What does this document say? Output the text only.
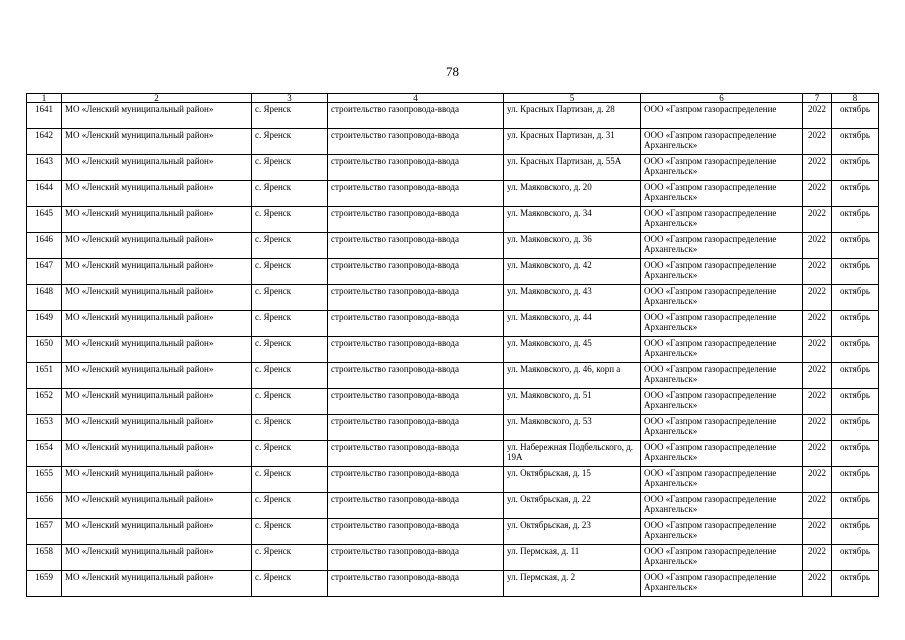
78
1	2	3	4	5	6	7	8
1641	МО «Ленский муниципальный район»	с. Яренск	строительство газопровода-ввода	ул. Красных Партизан, д. 28	ООО «Газпром газораспределение	2022	октябрь
1642	МО «Ленский муниципальный район»	с. Яренск	строительство газопровода-ввода	ул. Красных Партизан, д. 31	ООО «Газпром газораспределение Архангельск»	2022	октябрь
1643	МО «Ленский муниципальный район»	с. Яренск	строительство газопровода-ввода	ул. Красных Партизан, д. 55А	ООО «Газпром газораспределение Архангельск»	2022	октябрь
1644	МО «Ленский муниципальный район»	с. Яренск	строительство газопровода-ввода	ул. Маяковского, д. 20	ООО «Газпром газораспределение Архангельск»	2022	октябрь
1645	МО «Ленский муниципальный район»	с. Яренск	строительство газопровода-ввода	ул. Маяковского, д. 34	ООО «Газпром газораспределение Архангельск»	2022	октябрь
1646	МО «Ленский муниципальный район»	с. Яренск	строительство газопровода-ввода	ул. Маяковского, д. 36	ООО «Газпром газораспределение Архангельск»	2022	октябрь
1647	МО «Ленский муниципальный район»	с. Яренск	строительство газопровода-ввода	ул. Маяковского, д. 42	ООО «Газпром газораспределение Архангельск»	2022	октябрь
1648	МО «Ленский муниципальный район»	с. Яренск	строительство газопровода-ввода	ул. Маяковского, д. 43	ООО «Газпром газораспределение Архангельск»	2022	октябрь
1649	МО «Ленский муниципальный район»	с. Яренск	строительство газопровода-ввода	ул. Маяковского, д. 44	ООО «Газпром газораспределение Архангельск»	2022	октябрь
1650	МО «Ленский муниципальный район»	с. Яренск	строительство газопровода-ввода	ул. Маяковского, д. 45	ООО «Газпром газораспределение Архангельск»	2022	октябрь
1651	МО «Ленский муниципальный район»	с. Яренск	строительство газопровода-ввода	ул. Маяковского, д. 46, корп а	ООО «Газпром газораспределение Архангельск»	2022	октябрь
1652	МО «Ленский муниципальный район»	с. Яренск	строительство газопровода-ввода	ул. Маяковского, д. 51	ООО «Газпром газораспределение Архангельск»	2022	октябрь
1653	МО «Ленский муниципальный район»	с. Яренск	строительство газопровода-ввода	ул. Маяковского, д. 53	ООО «Газпром газораспределение Архангельск»	2022	октябрь
1654	МО «Ленский муниципальный район»	с. Яренск	строительство газопровода-ввода	ул. Набережная Подбельского, д. 19А	ООО «Газпром газораспределение Архангельск»	2022	октябрь
1655	МО «Ленский муниципальный район»	с. Яренск	строительство газопровода-ввода	ул. Октябрьская, д. 15	ООО «Газпром газораспределение Архангельск»	2022	октябрь
1656	МО «Ленский муниципальный район»	с. Яренск	строительство газопровода-ввода	ул. Октябрьская, д. 22	ООО «Газпром газораспределение Архангельск»	2022	октябрь
1657	МО «Ленский муниципальный район»	с. Яренск	строительство газопровода-ввода	ул. Октябрьская, д. 23	ООО «Газпром газораспределение Архангельск»	2022	октябрь
1658	МО «Ленский муниципальный район»	с. Яренск	строительство газопровода-ввода	ул. Пермская, д. 11	ООО «Газпром газораспределение Архангельск»	2022	октябрь
1659	МО «Ленский муниципальный район»	с. Яренск	строительство газопровода-ввода	ул. Пермская, д. 2	ООО «Газпром газораспределение Архангельск»	2022	октябрь
